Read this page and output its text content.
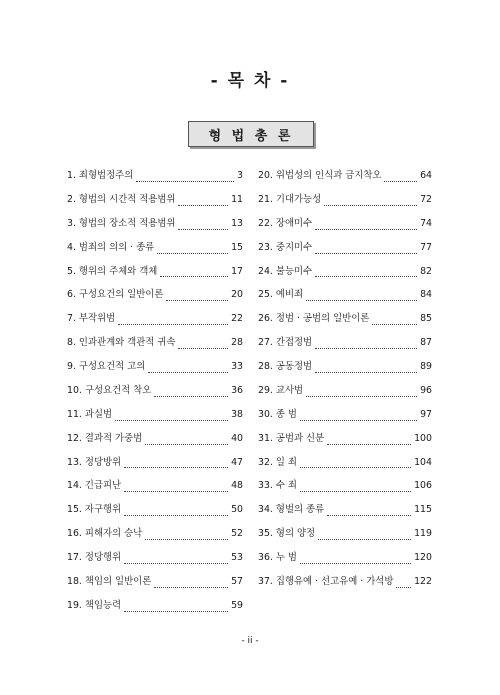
- 목 차 -
형 법 총 론
1. 죄형법정주의	3
2. 형법의 시간적 적용범위	11
3. 형법의 장소적 적용범위	13
4. 범죄의 의의 · 종류	15
5. 행위의 주체와 객체	17
6. 구성요건의 일반이론	20
7. 부작위범	22
8. 인과관계와 객관적 귀속	28
9. 구성요건적 고의	33
10. 구성요건적 착오	36
11. 과실범	38
12. 결과적 가중범	40
13. 정당방위	47
14. 긴급피난	48
15. 자구행위	50
16. 피해자의 승낙	52
17. 정당행위	53
18. 책임의 일반이론	57
19. 책임능력	59
20. 위법성의 인식과 금지착오	64
21. 기대가능성	72
22. 장애미수	74
23. 중지미수	77
24. 불능미수	82
25. 예비죄	84
26. 정범 · 공범의 일반이론	85
27. 간접정범	87
28. 공동정범	89
29. 교사범	96
30. 종 범	97
31. 공범과 신분	100
32. 일 죄	104
33. 수 죄	106
34. 형벌의 종류	115
35. 형의 양정	119
36. 누 범	120
37. 집행유예 · 선고유예 · 가석방 122
- ii -
